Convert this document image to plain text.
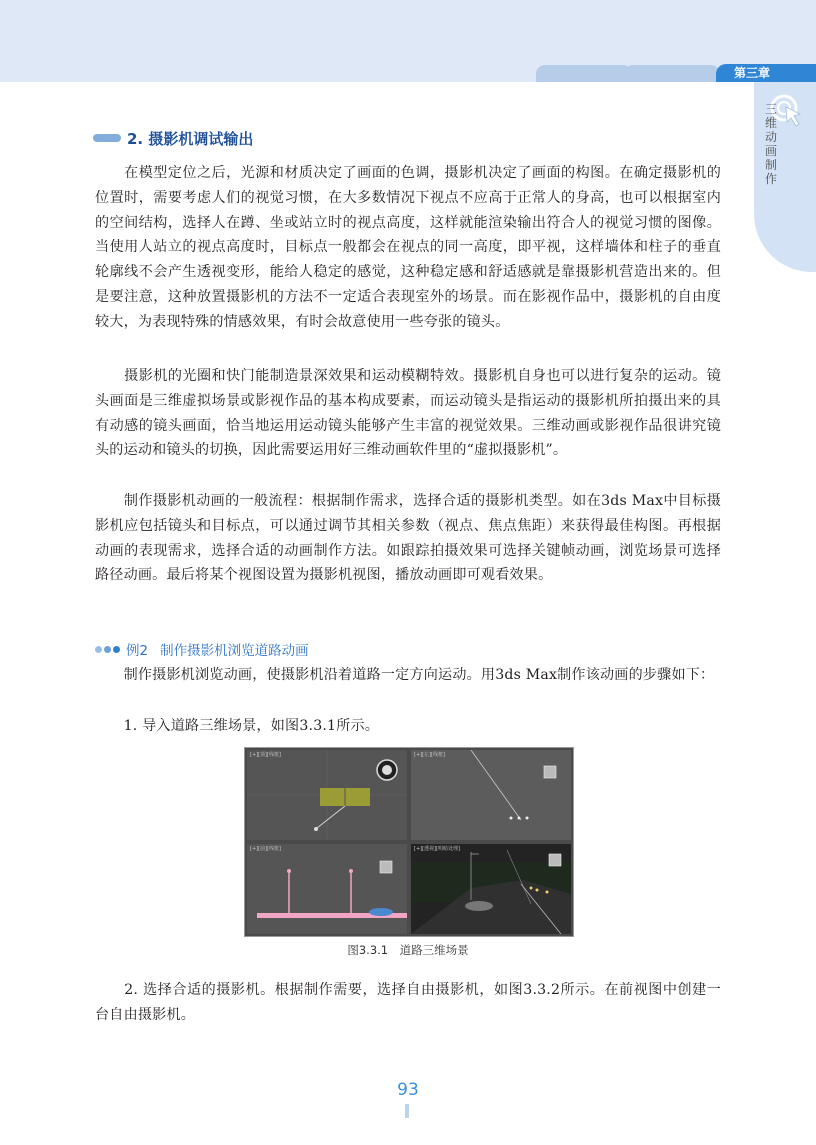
第三章
三维动画制作
2. 摄影机调试输出

　　在模型定位之后，光源和材质决定了画面的色调，摄影机决定了画面的构图。在确定摄影机的位置时，需要考虑人们的视觉习惯，在大多数情况下视点不应高于正常人的身高，也可以根据室内的空间结构，选择人在蹲、坐或站立时的视点高度，这样就能渲染输出符合人的视觉习惯的图像。当使用人站立的视点高度时，目标点一般都会在视点的同一高度，即平视，这样墙体和柱子的垂直轮廓线不会产生透视变形，能给人稳定的感觉，这种稳定感和舒适感就是靠摄影机营造出来的。但是要注意，这种放置摄影机的方法不一定适合表现室外的场景。而在影视作品中，摄影机的自由度较大，为表现特殊的情感效果，有时会故意使用一些夸张的镜头。

　　摄影机的光圈和快门能制造景深效果和运动模糊特效。摄影机自身也可以进行复杂的运动。镜头画面是三维虚拟场景或影视作品的基本构成要素，而运动镜头是指运动的摄影机所拍摄出来的具有动感的镜头画面，恰当地运用运动镜头能够产生丰富的视觉效果。三维动画或影视作品很讲究镜头的运动和镜头的切换，因此需要运用好三维动画软件里的“虚拟摄影机”。

　　制作摄影机动画的一般流程：根据制作需求，选择合适的摄影机类型。如在3ds Max中目标摄影机应包括镜头和目标点，可以通过调节其相关参数（视点、焦点焦距）来获得最佳构图。再根据动画的表现需求，选择合适的动画制作方法。如跟踪拍摄效果可选择关键帧动画，浏览场景可选择路径动画。最后将某个视图设置为摄影机视图，播放动画即可观看效果。

例2 制作摄影机浏览道路动画

　　制作摄影机浏览动画，使摄影机沿着道路一定方向运动。用3ds Max制作该动画的步骤如下：

　　1. 导入道路三维场景，如图3.3.1所示。

[+][顶][线框]	[+][左][线框]
[+][前][线框]	[+][透视][明暗处理]
图3.3.1　道路三维场景

　　2. 选择合适的摄影机。根据制作需要，选择自由摄影机，如图3.3.2所示。在前视图中创建一台自由摄影机。

93
